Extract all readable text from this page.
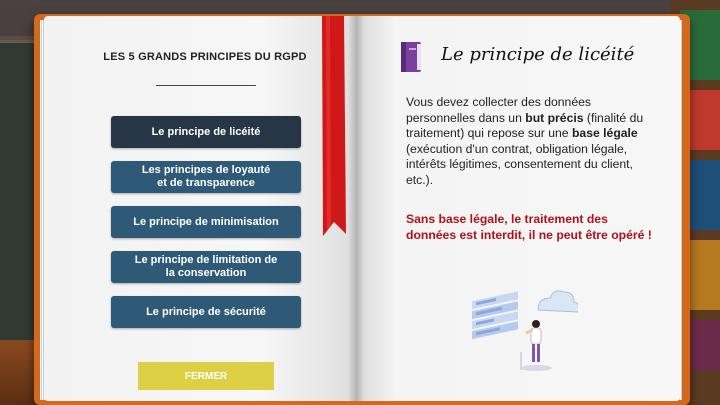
LES 5 GRANDS PRINCIPES DU RGPD
Le principe de licéité
Les principes de loyauté
et de transparence
Le principe de minimisation
Le principe de limitation de
la conservation
Le principe de sécurité
FERMER
Le principe de licéité
Vous devez collecter des données personnelles dans un but précis (finalité du traitement) qui repose sur une base légale (exécution d'un contrat, obligation légale, intérêts légitimes, consentement du client, etc.).
Sans base légale, le traitement des données est interdit, il ne peut être opéré !
